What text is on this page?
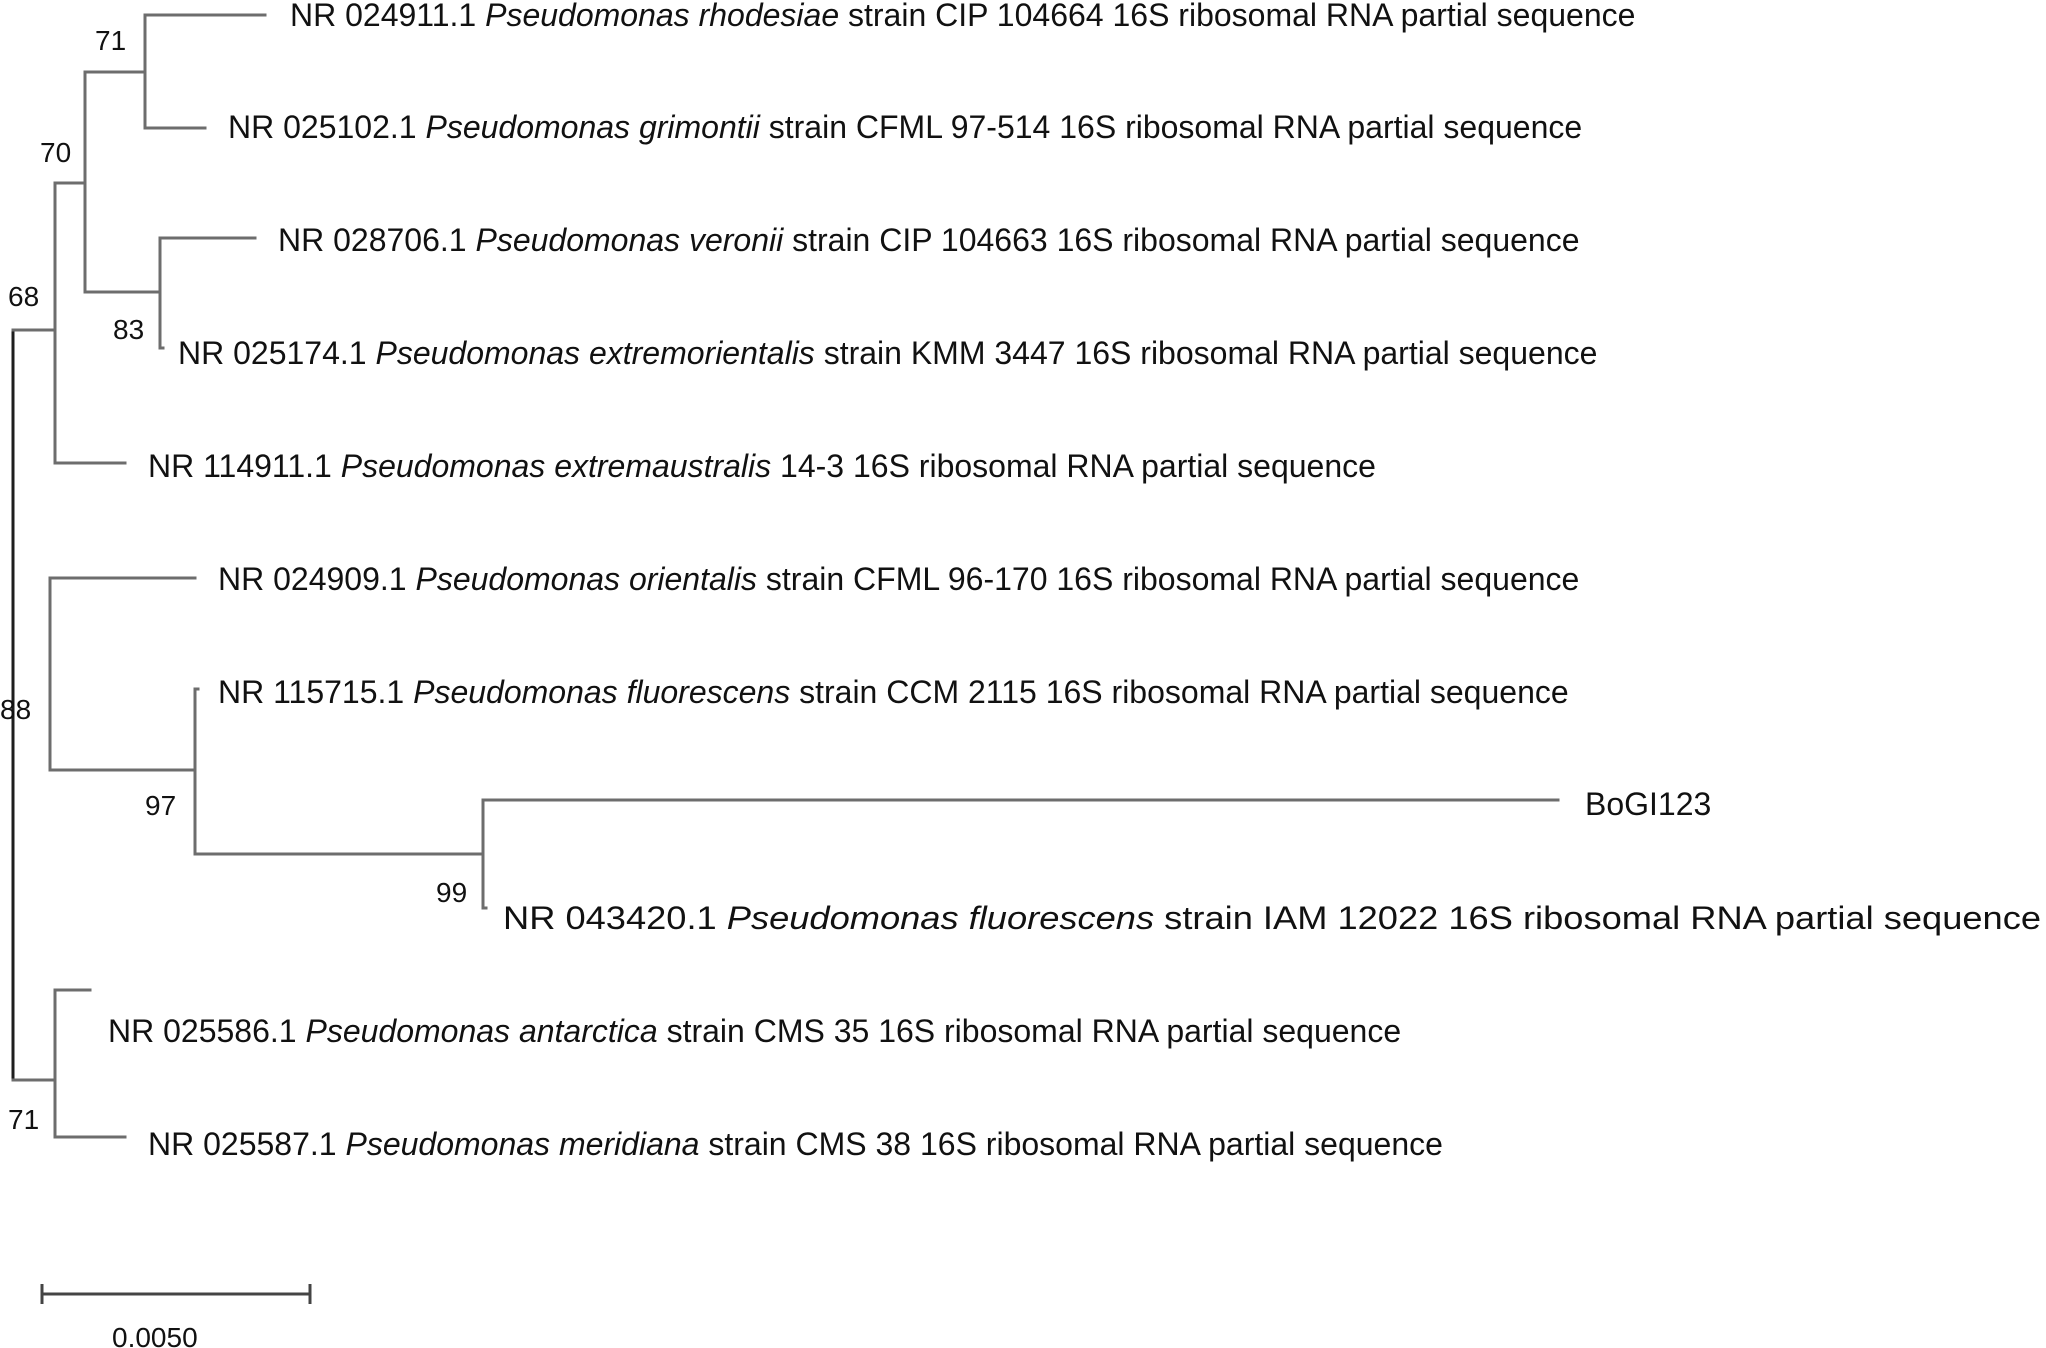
NR 024911.1 Pseudomonas rhodesiae strain CIP 104664 16S ribosomal RNA partial sequence
NR 025102.1 Pseudomonas grimontii strain CFML 97-514 16S ribosomal RNA partial sequence
NR 028706.1 Pseudomonas veronii strain CIP 104663 16S ribosomal RNA partial sequence
NR 025174.1 Pseudomonas extremorientalis strain KMM 3447 16S ribosomal RNA partial sequence
NR 114911.1 Pseudomonas extremaustralis 14-3 16S ribosomal RNA partial sequence
NR 024909.1 Pseudomonas orientalis strain CFML 96-170 16S ribosomal RNA partial sequence
NR 115715.1 Pseudomonas fluorescens strain CCM 2115 16S ribosomal RNA partial sequence
BoGI123
NR 043420.1 Pseudomonas fluorescens strain IAM 12022 16S ribosomal RNA partial sequence
NR 025586.1 Pseudomonas antarctica strain CMS 35 16S ribosomal RNA partial sequence
NR 025587.1 Pseudomonas meridiana strain CMS 38 16S ribosomal RNA partial sequence
71
70
83
68
88
97
99
71
0.0050
